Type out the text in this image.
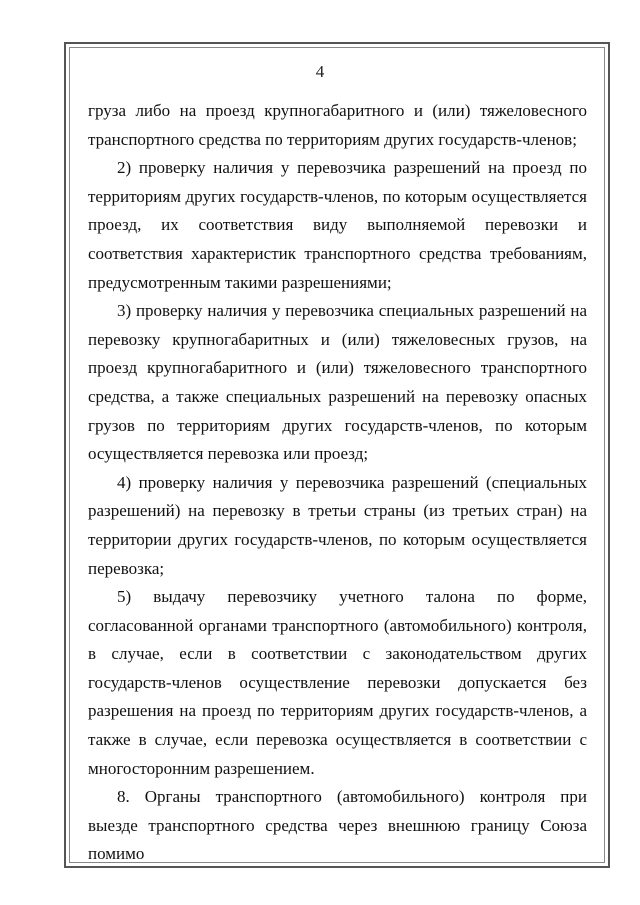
4

груза либо на проезд крупногабаритного и (или) тяжеловесного транспортного средства по территориям других государств-членов;

2) проверку наличия у перевозчика разрешений на проезд по территориям других государств-членов, по которым осуществляется проезд, их соответствия виду выполняемой перевозки и соответствия характеристик транспортного средства требованиям, предусмотренным такими разрешениями;

3) проверку наличия у перевозчика специальных разрешений на перевозку крупногабаритных и (или) тяжеловесных грузов, на проезд крупногабаритного и (или) тяжеловесного транспортного средства, а также специальных разрешений на перевозку опасных грузов по территориям других государств-членов, по которым осуществляется перевозка или проезд;

4) проверку наличия у перевозчика разрешений (специальных разрешений) на перевозку в третьи страны (из третьих стран) на территории других государств-членов, по которым осуществляется перевозка;

5) выдачу перевозчику учетного талона по форме, согласованной органами транспортного (автомобильного) контроля, в случае, если в соответствии с законодательством других государств-членов осуществление перевозки допускается без разрешения на проезд по территориям других государств-членов, а также в случае, если перевозка осуществляется в соответствии с многосторонним разрешением.

8. Органы транспортного (автомобильного) контроля при выезде транспортного средства через внешнюю границу Союза помимо
